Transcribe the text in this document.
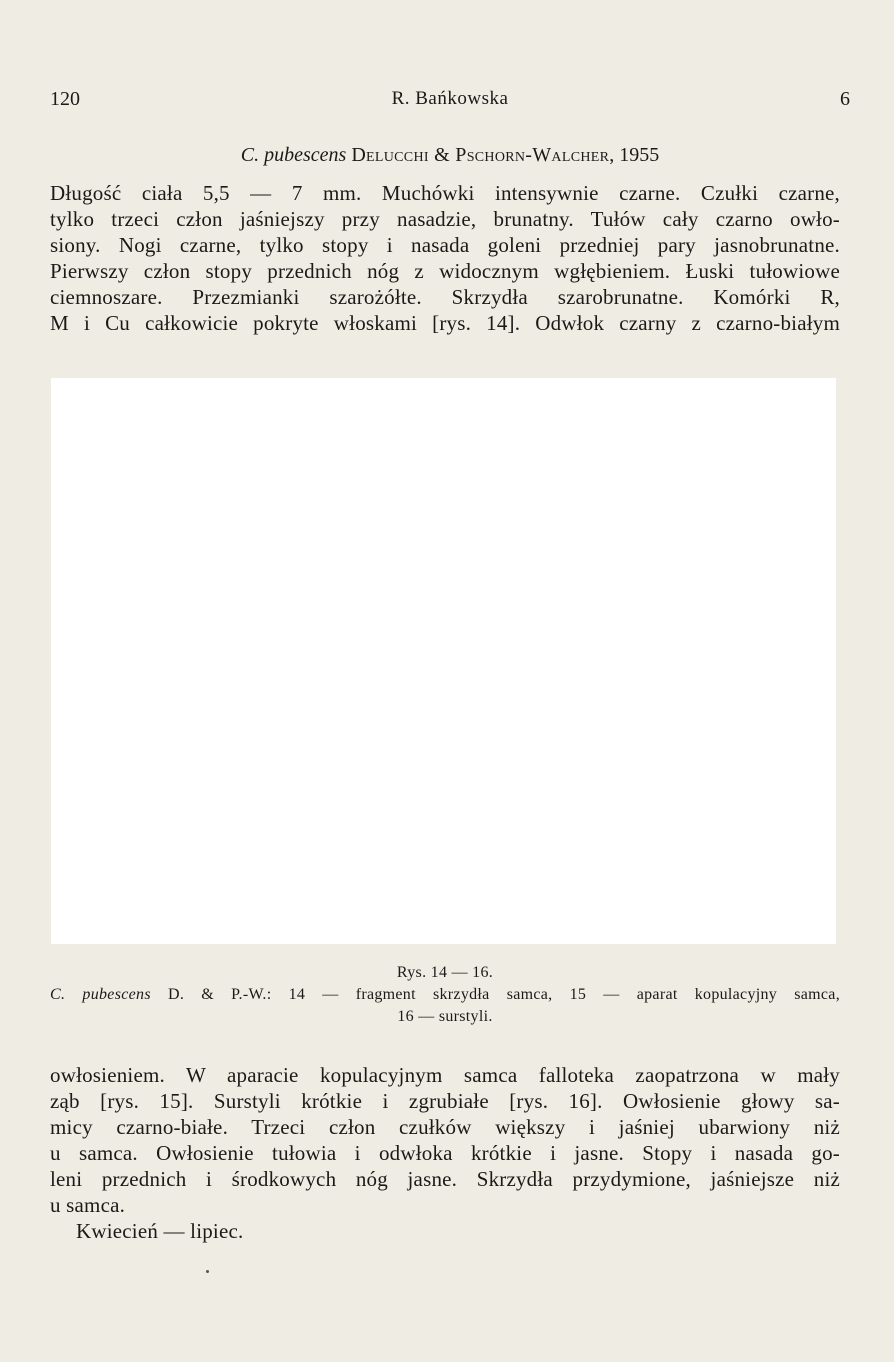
120	R. Bańkowska	6
C. pubescens Delucchi & Pschorn-Walcher, 1955
Długość ciała 5,5 — 7 mm. Muchówki intensywnie czarne. Czułki czarne,
tylko trzeci człon jaśniejszy przy nasadzie, brunatny. Tułów cały czarno owło-
siony. Nogi czarne, tylko stopy i nasada goleni przedniej pary jasnobrunatne.
Pierwszy człon stopy przednich nóg z widocznym wgłębieniem. Łuski tułowiowe
ciemnoszare. Przezmianki szarożółte. Skrzydła szarobrunatne. Komórki R,
M i Cu całkowicie pokryte włoskami [rys. 14]. Odwłok czarny z czarno-białym
Rys. 14 — 16.
C. pubescens D. & P.-W.: 14 — fragment skrzydła samca, 15 — aparat kopulacyjny samca,
16 — surstyli.
owłosieniem. W aparacie kopulacyjnym samca falloteka zaopatrzona w mały
ząb [rys. 15]. Surstyli krótkie i zgrubiałe [rys. 16]. Owłosienie głowy sa-
micy czarno-białe. Trzeci człon czułków większy i jaśniej ubarwiony niż
u samca. Owłosienie tułowia i odwłoka krótkie i jasne. Stopy i nasada go-
leni przednich i środkowych nóg jasne. Skrzydła przydymione, jaśniejsze niż
u samca.
Kwiecień — lipiec.
